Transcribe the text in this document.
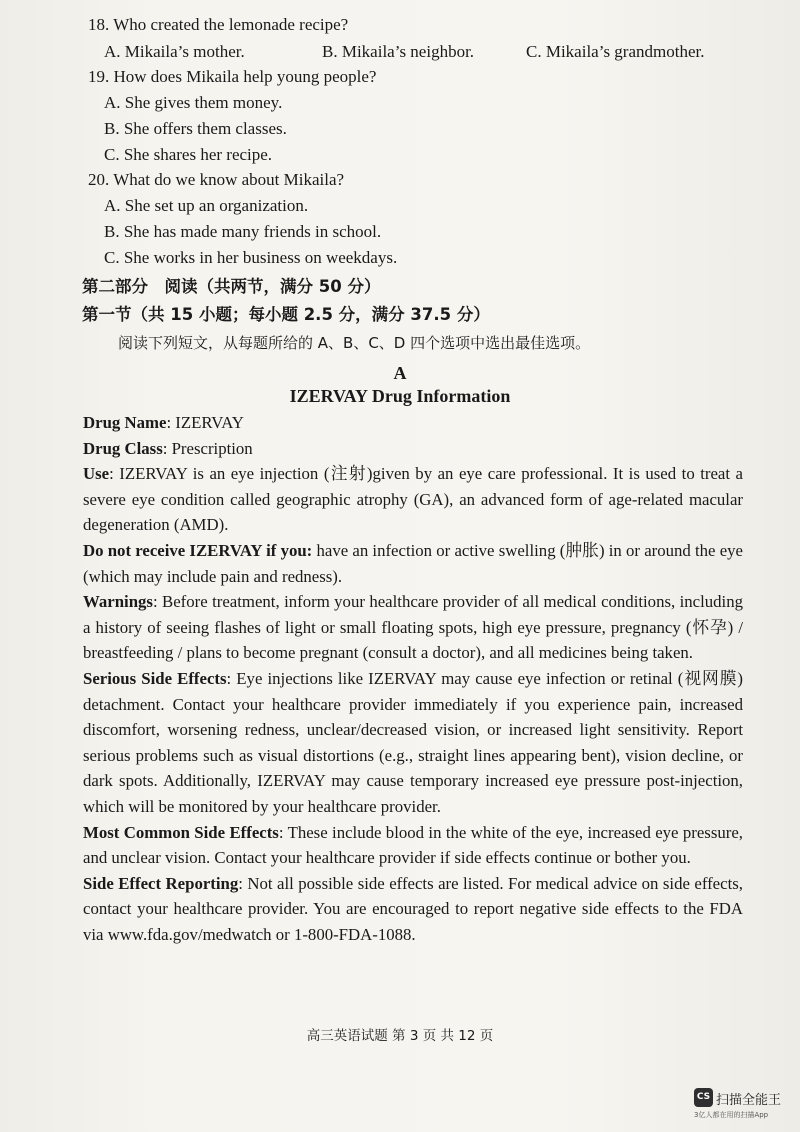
18. Who created the lemonade recipe?
A. Mikaila’s mother.	B. Mikaila’s neighbor.	C. Mikaila’s grandmother.
19. How does Mikaila help young people?
A. She gives them money.
B. She offers them classes.
C. She shares her recipe.
20. What do we know about Mikaila?
A. She set up an organization.
B. She has made many friends in school.
C. She works in her business on weekdays.
第二部分　阅读（共两节，满分 50 分）
第一节（共 15 小题；每小题 2.5 分，满分 37.5 分）
阅读下列短文，从每题所给的 A、B、C、D 四个选项中选出最佳选项。
A
IZERVAY Drug Information

Drug Name: IZERVAY

Drug Class: Prescription

Use: IZERVAY is an eye injection (注射)given by an eye care professional. It is used to treat a severe eye condition called geographic atrophy (GA), an advanced form of age-related macular degeneration (AMD).

Do not receive IZERVAY if you: have an infection or active swelling (肿胀) in or around the eye (which may include pain and redness).

Warnings: Before treatment, inform your healthcare provider of all medical conditions, including a history of seeing flashes of light or small floating spots, high eye pressure, pregnancy (怀孕) / breastfeeding / plans to become pregnant (consult a doctor), and all medicines being taken.

Serious Side Effects: Eye injections like IZERVAY may cause eye infection or retinal (视网膜) detachment. Contact your healthcare provider immediately if you experience pain, increased discomfort, worsening redness, unclear/decreased vision, or increased light sensitivity. Report serious problems such as visual distortions (e.g., straight lines appearing bent), vision decline, or dark spots. Additionally, IZERVAY may cause temporary increased eye pressure post-injection, which will be monitored by your healthcare provider.

Most Common Side Effects: These include blood in the white of the eye, increased eye pressure, and unclear vision. Contact your healthcare provider if side effects continue or bother you.

Side Effect Reporting: Not all possible side effects are listed. For medical advice on side effects, contact your healthcare provider. You are encouraged to report negative side effects to the FDA via www.fda.gov/medwatch or 1-800-FDA-1088.

高三英语试题 第 3 页 共 12 页
CS 扫描全能王
3亿人都在用的扫描App
